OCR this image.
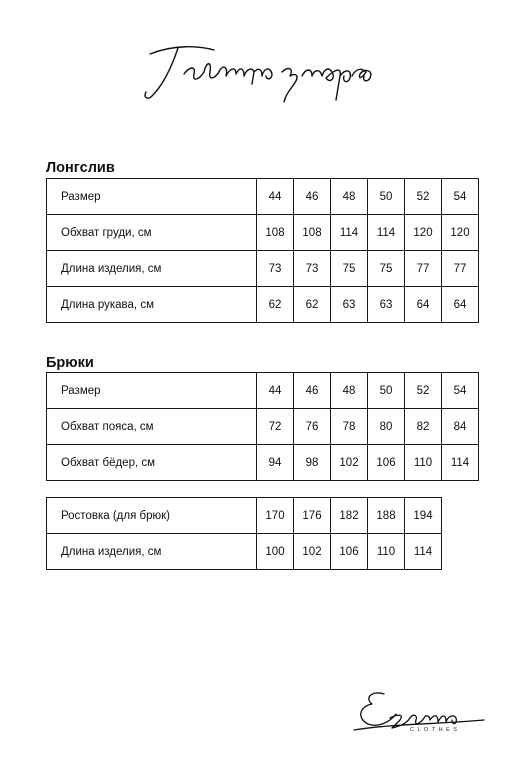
Лонгслив
Размер	44	46	48	50	52	54
Обхват груди, см	108	108	114	114	120	120
Длина изделия, см	73	73	75	75	77	77
Длина рукава, см	62	62	63	63	64	64
Брюки
Размер	44	46	48	50	52	54
Обхват пояса, см	72	76	78	80	82	84
Обхват бёдер, см	94	98	102	106	110	114
Ростовка (для брюк)	170	176	182	188	194
Длина изделия, см	100	102	106	110	114
CLOTHES
